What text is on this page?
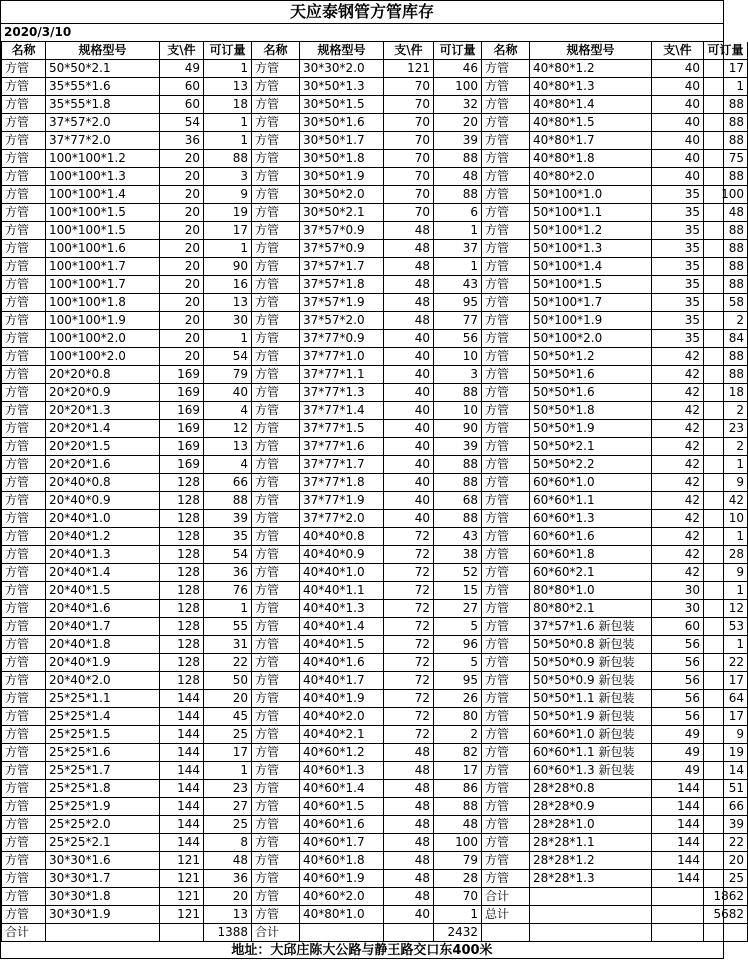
天应泰钢管方管库存
2020/3/10
名称	规格型号	支\件	可订量	名称	规格型号	支\件	可订量	名称	规格型号	支\件	可订量
方管	50*50*2.1	49	1	方管	30*30*2.0	121	46	方管	40*80*1.2	40	17
方管	35*55*1.6	60	13	方管	30*50*1.3	70	100	方管	40*80*1.3	40	1
方管	35*55*1.8	60	18	方管	30*50*1.5	70	32	方管	40*80*1.4	40	88
方管	37*57*2.0	54	1	方管	30*50*1.6	70	20	方管	40*80*1.5	40	88
方管	37*77*2.0	36	1	方管	30*50*1.7	70	39	方管	40*80*1.7	40	88
方管	100*100*1.2	20	88	方管	30*50*1.8	70	88	方管	40*80*1.8	40	75
方管	100*100*1.3	20	3	方管	30*50*1.9	70	48	方管	40*80*2.0	40	88
方管	100*100*1.4	20	9	方管	30*50*2.0	70	88	方管	50*100*1.0	35	100
方管	100*100*1.5	20	19	方管	30*50*2.1	70	6	方管	50*100*1.1	35	48
方管	100*100*1.5	20	17	方管	37*57*0.9	48	1	方管	50*100*1.2	35	88
方管	100*100*1.6	20	1	方管	37*57*0.9	48	37	方管	50*100*1.3	35	88
方管	100*100*1.7	20	90	方管	37*57*1.7	48	1	方管	50*100*1.4	35	88
方管	100*100*1.7	20	16	方管	37*57*1.8	48	43	方管	50*100*1.5	35	88
方管	100*100*1.8	20	13	方管	37*57*1.9	48	95	方管	50*100*1.7	35	58
方管	100*100*1.9	20	30	方管	37*57*2.0	48	77	方管	50*100*1.9	35	2
方管	100*100*2.0	20	1	方管	37*77*0.9	40	56	方管	50*100*2.0	35	84
方管	100*100*2.0	20	54	方管	37*77*1.0	40	10	方管	50*50*1.2	42	88
方管	20*20*0.8	169	79	方管	37*77*1.1	40	3	方管	50*50*1.6	42	88
方管	20*20*0.9	169	40	方管	37*77*1.3	40	88	方管	50*50*1.6	42	18
方管	20*20*1.3	169	4	方管	37*77*1.4	40	10	方管	50*50*1.8	42	2
方管	20*20*1.4	169	12	方管	37*77*1.5	40	90	方管	50*50*1.9	42	23
方管	20*20*1.5	169	13	方管	37*77*1.6	40	39	方管	50*50*2.1	42	2
方管	20*20*1.6	169	4	方管	37*77*1.7	40	88	方管	50*50*2.2	42	1
方管	20*40*0.8	128	66	方管	37*77*1.8	40	88	方管	60*60*1.0	42	9
方管	20*40*0.9	128	88	方管	37*77*1.9	40	68	方管	60*60*1.1	42	42
方管	20*40*1.0	128	39	方管	37*77*2.0	40	88	方管	60*60*1.3	42	10
方管	20*40*1.2	128	35	方管	40*40*0.8	72	43	方管	60*60*1.6	42	1
方管	20*40*1.3	128	54	方管	40*40*0.9	72	38	方管	60*60*1.8	42	28
方管	20*40*1.4	128	36	方管	40*40*1.0	72	52	方管	60*60*2.1	42	9
方管	20*40*1.5	128	76	方管	40*40*1.1	72	15	方管	80*80*1.0	30	1
方管	20*40*1.6	128	1	方管	40*40*1.3	72	27	方管	80*80*2.1	30	12
方管	20*40*1.7	128	55	方管	40*40*1.4	72	5	方管	37*57*1.6 新包装	60	53
方管	20*40*1.8	128	31	方管	40*40*1.5	72	96	方管	50*50*0.8 新包装	56	1
方管	20*40*1.9	128	22	方管	40*40*1.6	72	5	方管	50*50*0.9 新包装	56	22
方管	20*40*2.0	128	50	方管	40*40*1.7	72	95	方管	50*50*0.9 新包装	56	17
方管	25*25*1.1	144	20	方管	40*40*1.9	72	26	方管	50*50*1.1 新包装	56	64
方管	25*25*1.4	144	45	方管	40*40*2.0	72	80	方管	50*50*1.9 新包装	56	17
方管	25*25*1.5	144	25	方管	40*40*2.1	72	2	方管	60*60*1.0 新包装	49	9
方管	25*25*1.6	144	17	方管	40*60*1.2	48	82	方管	60*60*1.1 新包装	49	19
方管	25*25*1.7	144	1	方管	40*60*1.3	48	17	方管	60*60*1.3 新包装	49	14
方管	25*25*1.8	144	23	方管	40*60*1.4	48	86	方管	28*28*0.8	144	51
方管	25*25*1.9	144	27	方管	40*60*1.5	48	88	方管	28*28*0.9	144	66
方管	25*25*2.0	144	25	方管	40*60*1.6	48	48	方管	28*28*1.0	144	39
方管	25*25*2.1	144	8	方管	40*60*1.7	48	100	方管	28*28*1.1	144	22
方管	30*30*1.6	121	48	方管	40*60*1.8	48	79	方管	28*28*1.2	144	20
方管	30*30*1.7	121	36	方管	40*60*1.9	48	28	方管	28*28*1.3	144	25
方管	30*30*1.8	121	20	方管	40*60*2.0	48	70	合计			1862
方管	30*30*1.9	121	13	方管	40*80*1.0	40	1	总计			5682
合计			1388	合计			2432				
地址：大邱庄陈大公路与静王路交口东400米
